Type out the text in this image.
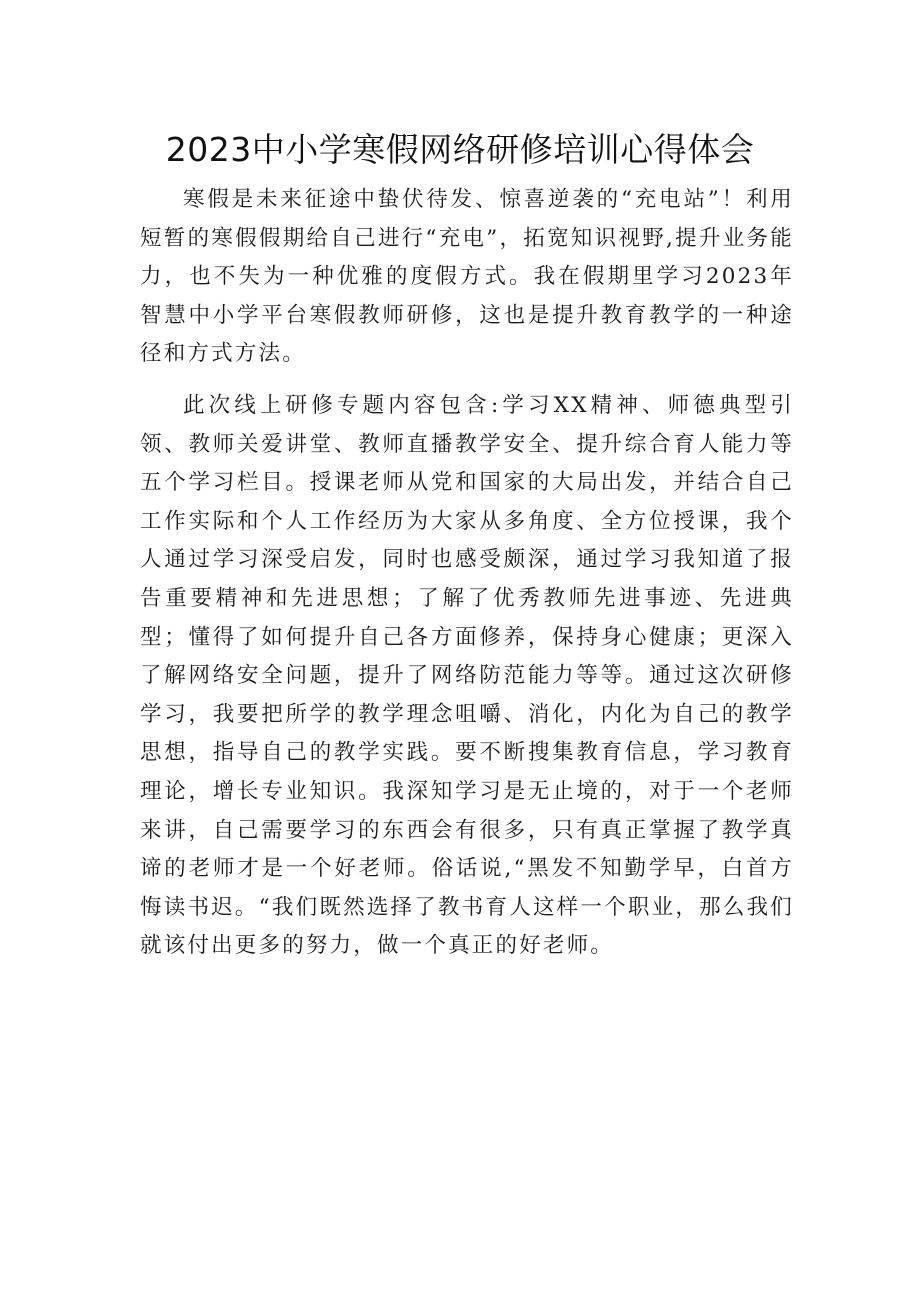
2023中小学寒假网络研修培训心得体会

寒假是未来征途中蛰伏待发、惊喜逆袭的“充电站”！利用短暂的寒假假期给自己进行“充电”，拓宽知识视野,提升业务能力，也不失为一种优雅的度假方式。我在假期里学习2023年智慧中小学平台寒假教师研修，这也是提升教育教学的一种途径和方式方法。

此次线上研修专题内容包含:学习XX精神、师德典型引领、教师关爱讲堂、教师直播教学安全、提升综合育人能力等五个学习栏目。授课老师从党和国家的大局出发，并结合自己工作实际和个人工作经历为大家从多角度、全方位授课，我个人通过学习深受启发，同时也感受颇深，通过学习我知道了报告重要精神和先进思想；了解了优秀教师先进事迹、先进典型；懂得了如何提升自己各方面修养，保持身心健康；更深入了解网络安全问题，提升了网络防范能力等等。通过这次研修学习，我要把所学的教学理念咀嚼、消化，内化为自己的教学思想，指导自己的教学实践。要不断搜集教育信息，学习教育理论，增长专业知识。我深知学习是无止境的，对于一个老师来讲，自己需要学习的东西会有很多，只有真正掌握了教学真谛的老师才是一个好老师。俗话说,“黑发不知勤学早，白首方悔读书迟。“我们既然选择了教书育人这样一个职业，那么我们就该付出更多的努力，做一个真正的好老师。
